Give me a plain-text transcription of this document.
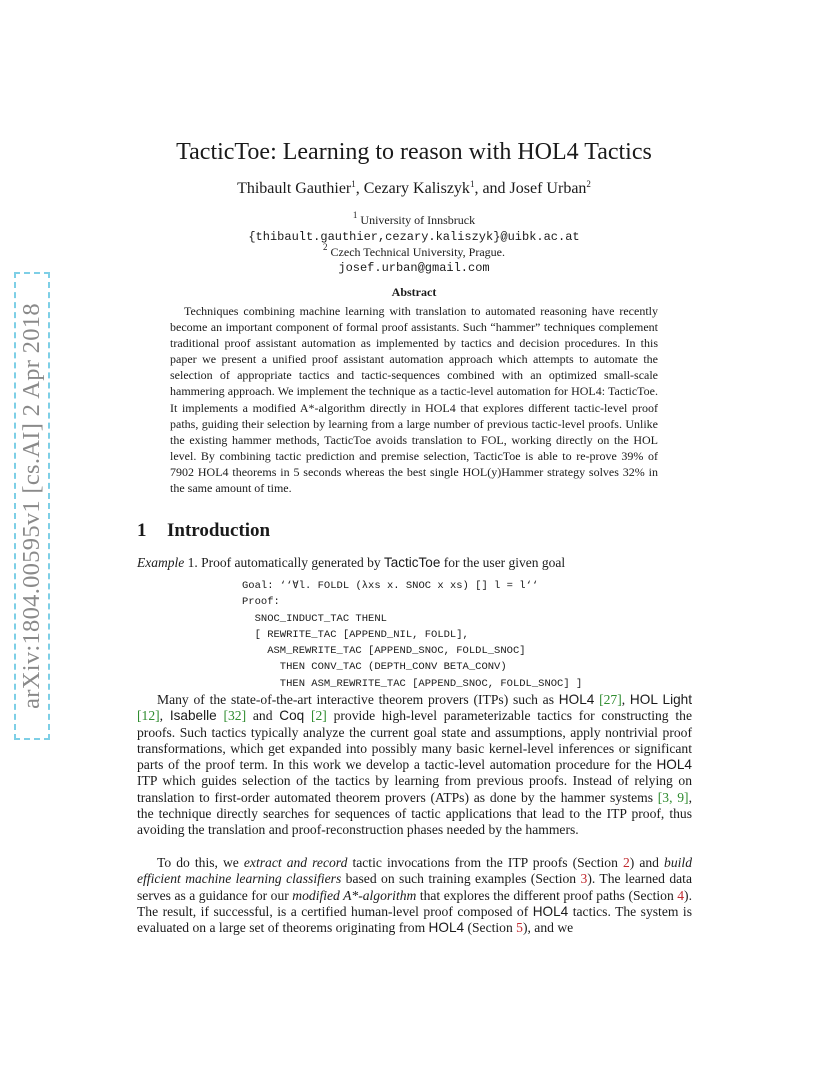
arXiv:1804.00595v1 [cs.AI] 2 Apr 2018
TacticToe: Learning to reason with HOL4 Tactics
Thibault Gauthier$^1$, Cezary Kaliszyk$^1$, and Josef Urban$^2$
$^1$ University of Innsbruck
{thibault.gauthier,cezary.kaliszyk}@uibk.ac.at
$^2$ Czech Technical University, Prague.
josef.urban@gmail.com
Abstract

Techniques combining machine learning with translation to automated reasoning have recently become an important component of formal proof assistants. Such “hammer” techniques complement traditional proof assistant automation as implemented by tactics and decision procedures. In this paper we present a unified proof assistant automation approach which attempts to automate the selection of appropriate tactics and tactic-sequences combined with an optimized small-scale hammering approach. We implement the technique as a tactic-level automation for HOL4: TacticToe. It implements a modified A*-algorithm directly in HOL4 that explores different tactic-level proof paths, guiding their selection by learning from a large number of previous tactic-level proofs. Unlike the existing hammer methods, TacticToe avoids translation to FOL, working directly on the HOL level. By combining tactic prediction and premise selection, TacticToe is able to re-prove 39% of 7902 HOL4 theorems in 5 seconds whereas the best single HOL(y)Hammer strategy solves 32% in the same amount of time.

1 Introduction
Example 1. Proof automatically generated by TacticToe for the user given goal
Goal: ‘‘∀l. FOLDL (λxs x. SNOC x xs) [] l = l‘‘
Proof:
SNOC_INDUCT_TAC THENL
[ REWRITE_TAC [APPEND_NIL, FOLDL],
ASM_REWRITE_TAC [APPEND_SNOC, FOLDL_SNOC]
THEN CONV_TAC (DEPTH_CONV BETA_CONV)
THEN ASM_REWRITE_TAC [APPEND_SNOC, FOLDL_SNOC] ]

Many of the state-of-the-art interactive theorem provers (ITPs) such as HOL4 [27], HOL Light [12], Isabelle [32] and Coq [2] provide high-level parameterizable tactics for constructing the proofs. Such tactics typically analyze the current goal state and assumptions, apply nontrivial proof transformations, which get expanded into possibly many basic kernel-level inferences or significant parts of the proof term. In this work we develop a tactic-level automation procedure for the HOL4 ITP which guides selection of the tactics by learning from previous proofs. Instead of relying on translation to first-order automated theorem provers (ATPs) as done by the hammer systems [3, 9], the technique directly searches for sequences of tactic applications that lead to the ITP proof, thus avoiding the translation and proof-reconstruction phases needed by the hammers.

To do this, we extract and record tactic invocations from the ITP proofs (Section 2) and build efficient machine learning classifiers based on such training examples (Section 3). The learned data serves as a guidance for our modified A*-algorithm that explores the different proof paths (Section 4). The result, if successful, is a certified human-level proof composed of HOL4 tactics. The system is evaluated on a large set of theorems originating from HOL4 (Section 5), and we
